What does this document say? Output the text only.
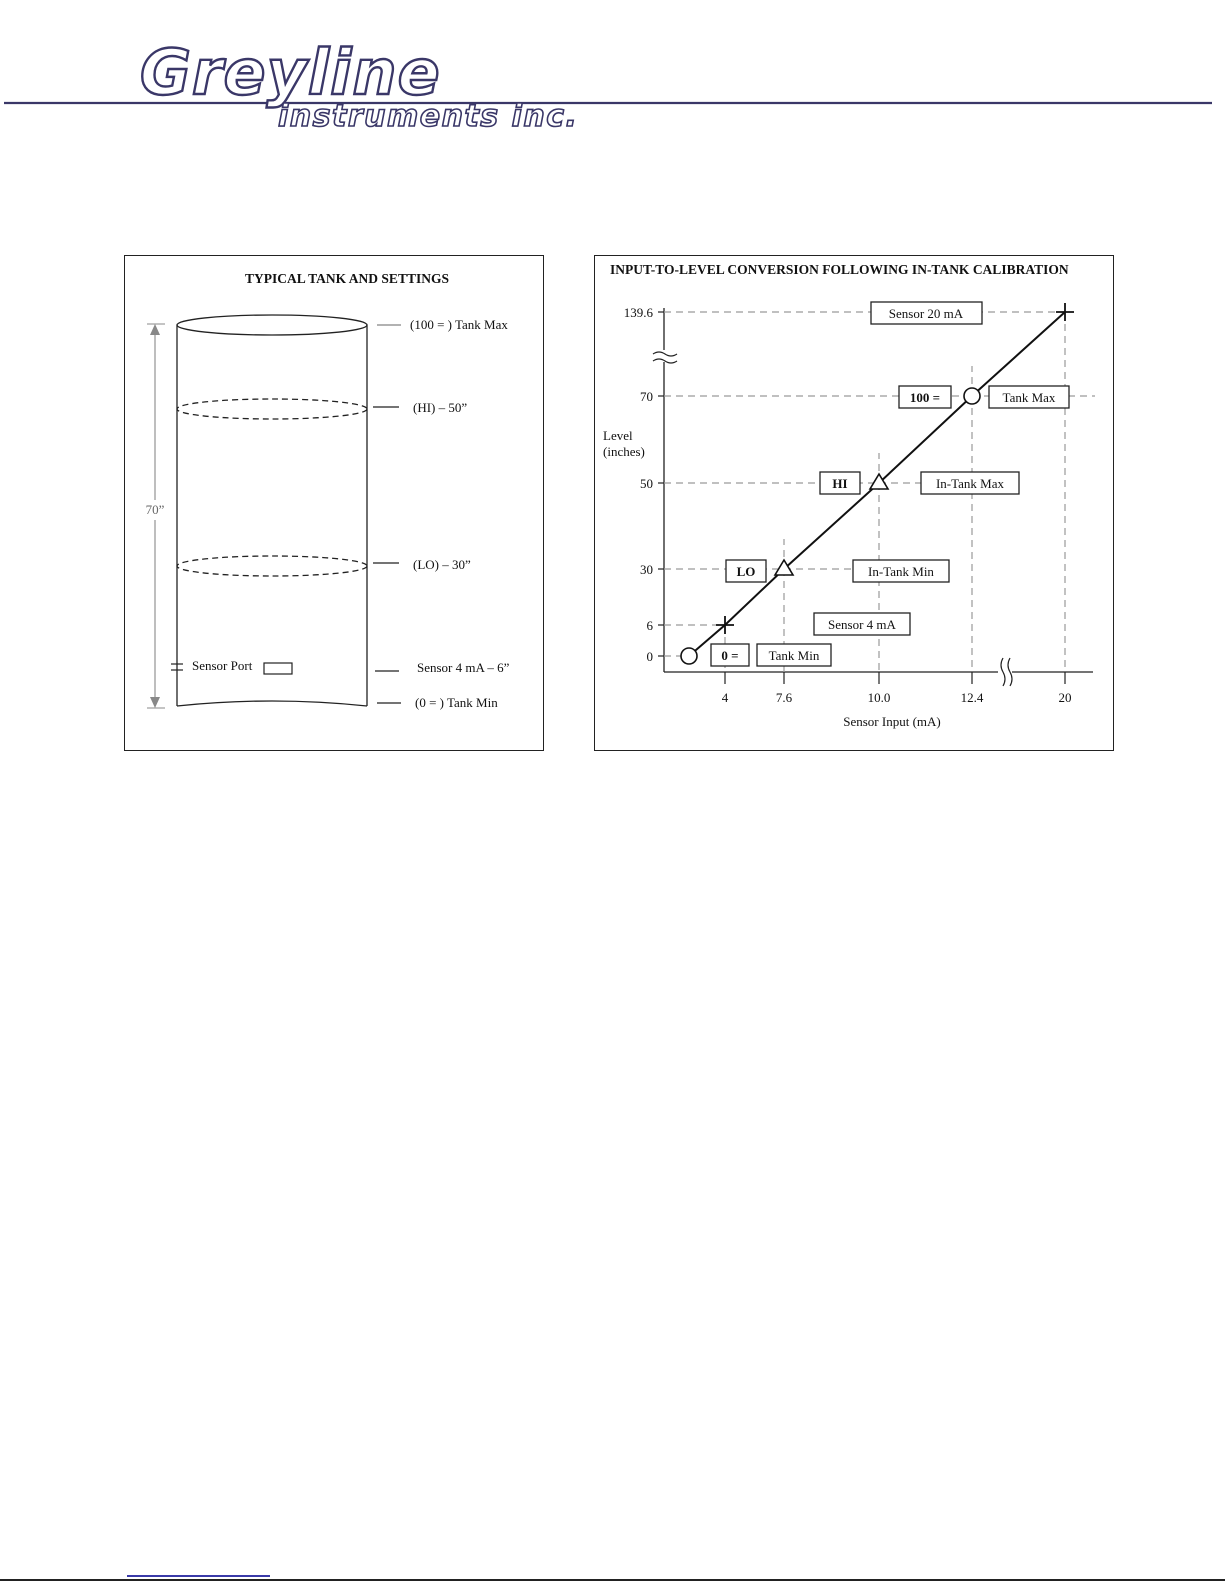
Greyline
instruments inc.
TYPICAL TANK AND SETTINGS
Sensor Port
70”
(100 = ) Tank Max
(HI) – 50”
(LO) – 30”
Sensor 4 mA – 6”
(0 = ) Tank Min
INPUT-TO-LEVEL CONVERSION FOLLOWING IN-TANK CALIBRATION
4	7.6	10.0	12.4	20
139.6
70
50
30
6
0
Level
(inches)
Sensor Input (mA)
Sensor 20 mA
100 =	Tank Max
HI	In-Tank Max
LO	In-Tank Min
Sensor 4 mA
0 = Tank Min
